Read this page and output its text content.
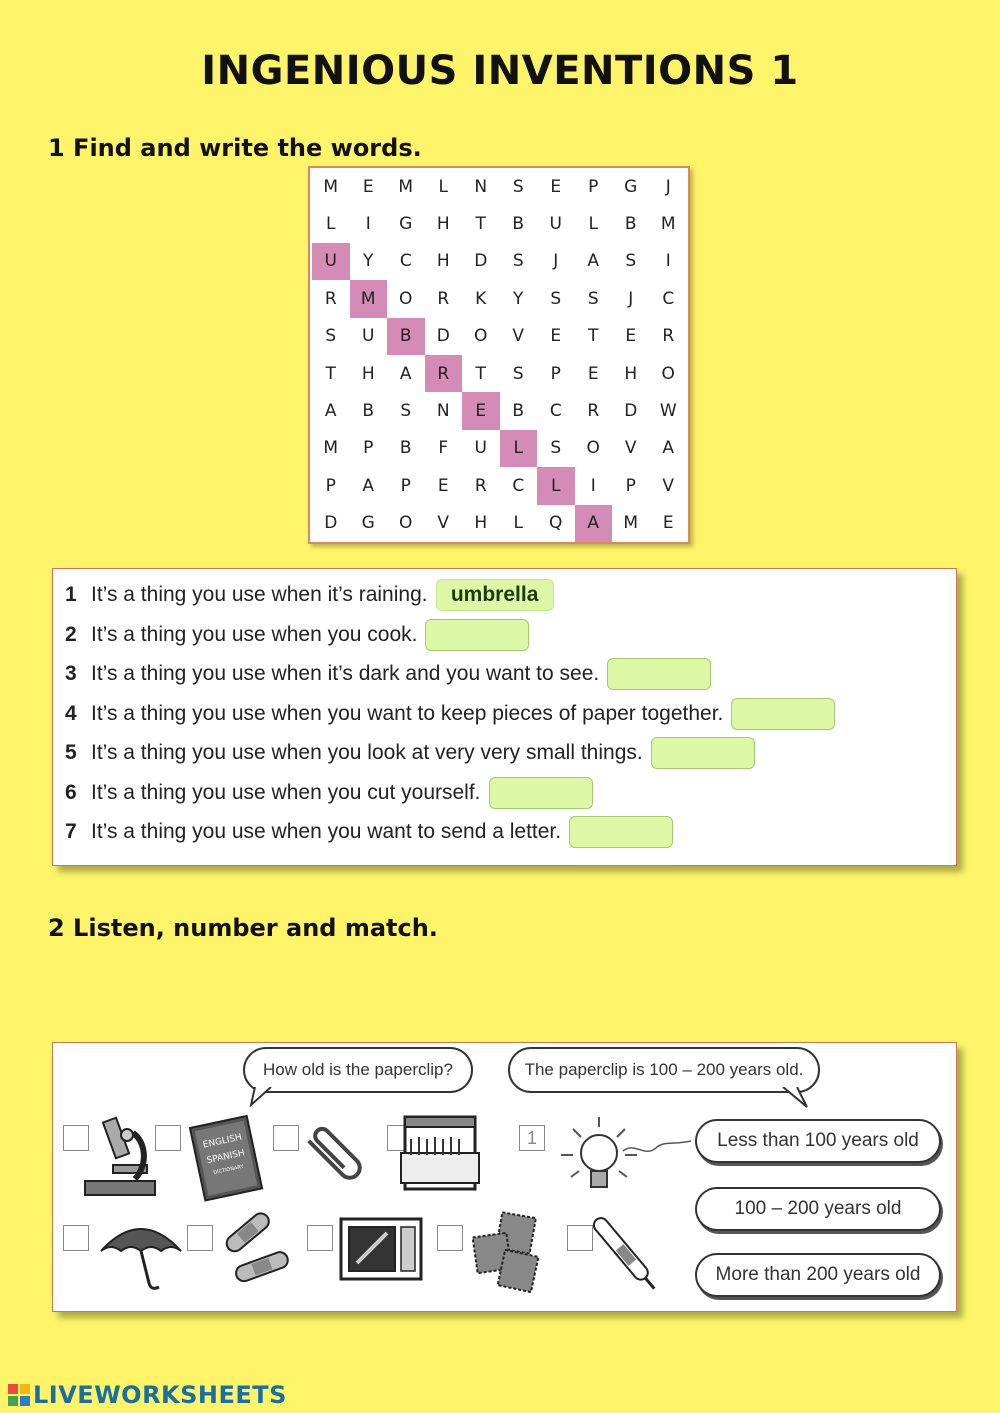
INGENIOUS INVENTIONS 1
1 Find and write the words.
M	E	M	L	N	S	E	P	G	J
L	I	G	H	T	B	U	L	B	M
U	Y	C	H	D	S	J	A	S	I
R	M	O	R	K	Y	S	S	J	C
S	U	B	D	O	V	E	T	E	R
T	H	A	R	T	S	P	E	H	O
A	B	S	N	E	B	C	R	D	W
M	P	B	F	U	L	S	O	V	A
P	A	P	E	R	C	L	I	P	V
D	G	O	V	H	L	Q	A	M	E
1 It’s a thing you use when it’s raining.	umbrella
2 It’s a thing you use when you cook.
3 It’s a thing you use when it’s dark and you want to see.
4 It’s a thing you use when you want to keep pieces of paper together.
5 It’s a thing you use when you look at very very small things.
6 It’s a thing you use when you cut yourself.
7 It’s a thing you use when you want to send a letter.
2 Listen, number and match.
How old is the paperclip?	The paperclip is 100 – 200 years old.
1
ENGLISH
SPANISH
DICTIONARY
Less than 100 years old
100 – 200 years old
More than 200 years old
LIVEWORKSHEETS
